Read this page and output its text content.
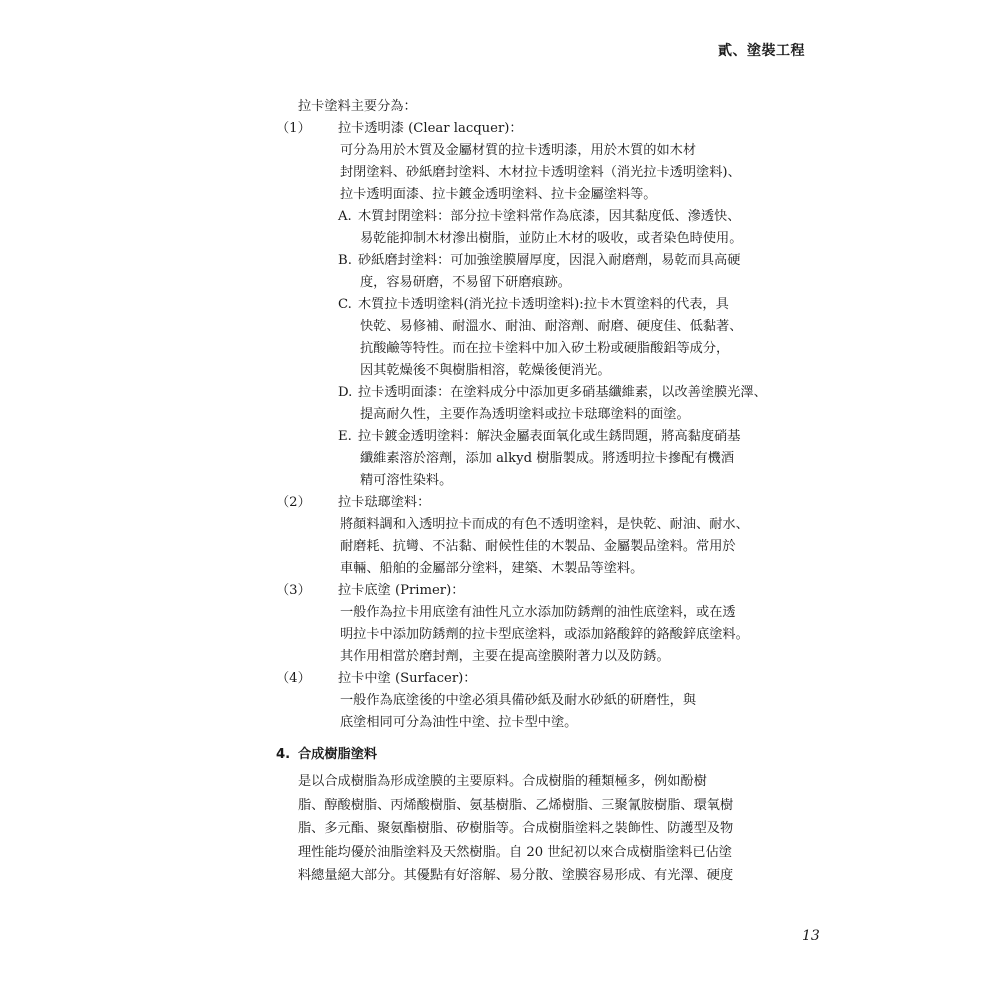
貳、塗裝工程
拉卡塗料主要分為：
（1）	拉卡透明漆 (Clear lacquer)：
可分為用於木質及金屬材質的拉卡透明漆，用於木質的如木材
封閉塗料、砂紙磨封塗料、木材拉卡透明塗料（消光拉卡透明塗料)、
拉卡透明面漆、拉卡鍍金透明塗料、拉卡金屬塗料等。
A. 木質封閉塗料：部分拉卡塗料常作為底漆，因其黏度低、滲透快、
易乾能抑制木材滲出樹脂，並防止木材的吸收，或者染色時使用。
B. 砂紙磨封塗料：可加強塗膜層厚度，因混入耐磨劑，易乾而具高硬
度，容易研磨，不易留下研磨痕跡。
C. 木質拉卡透明塗料(消光拉卡透明塗料):拉卡木質塗料的代表，具
快乾、易修補、耐溫水、耐油、耐溶劑、耐磨、硬度佳、低黏著、
抗酸鹼等特性。而在拉卡塗料中加入矽土粉或硬脂酸鋁等成分，
因其乾燥後不與樹脂相溶，乾燥後便消光。
D. 拉卡透明面漆：在塗料成分中添加更多硝基纖維素，以改善塗膜光澤、
提高耐久性，主要作為透明塗料或拉卡琺瑯塗料的面塗。
E. 拉卡鍍金透明塗料：解決金屬表面氧化或生銹問題，將高黏度硝基
纖維素溶於溶劑，添加 alkyd 樹脂製成。將透明拉卡摻配有機酒
精可溶性染料。
（2）	拉卡琺瑯塗料：
將顏料調和入透明拉卡而成的有色不透明塗料，是快乾、耐油、耐水、
耐磨耗、抗彎、不沾黏、耐候性佳的木製品、金屬製品塗料。常用於
車輛、船舶的金屬部分塗料，建築、木製品等塗料。
（3）	拉卡底塗 (Primer)：
一般作為拉卡用底塗有油性凡立水添加防銹劑的油性底塗料，或在透
明拉卡中添加防銹劑的拉卡型底塗料，或添加鉻酸鋅的鉻酸鋅底塗料。
其作用相當於磨封劑，主要在提高塗膜附著力以及防銹。
（4）	拉卡中塗 (Surfacer)：
一般作為底塗後的中塗必須具備砂紙及耐水砂紙的研磨性，與
底塗相同可分為油性中塗、拉卡型中塗。
4. 合成樹脂塗料
是以合成樹脂為形成塗膜的主要原料。合成樹脂的種類極多，例如酚樹
脂、醇酸樹脂、丙烯酸樹脂、氨基樹脂、乙烯樹脂、三聚氰胺樹脂、環氧樹
脂、多元酯、聚氨酯樹脂、矽樹脂等。合成樹脂塗料之裝飾性、防護型及物
理性能均優於油脂塗料及天然樹脂。自 20 世紀初以來合成樹脂塗料已佔塗
料總量絕大部分。其優點有好溶解、易分散、塗膜容易形成、有光澤、硬度
13
